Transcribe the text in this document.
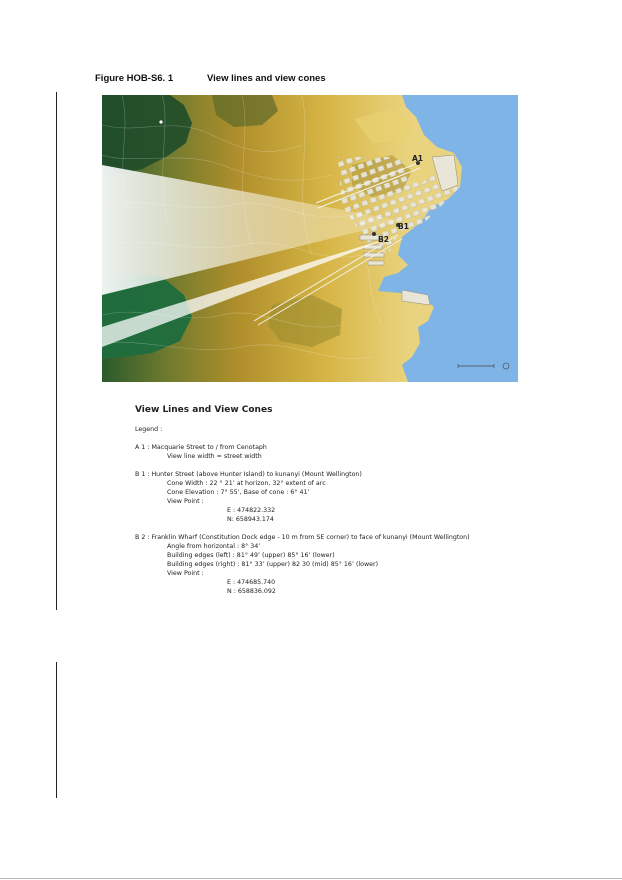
Figure HOB-S6. 1	View lines and view cones
A1
B1
B2
View Lines and View Cones
Legend :
A 1 : Macquarie Street to / from Cenotaph
View line width = street width
B 1 : Hunter Street (above Hunter Island) to kunanyi (Mount Wellington)
Cone Width : 22 ° 21’ at horizon, 32° extent of arc
Cone Elevation : 7° 55’, Base of cone : 6° 41’
View Point :
E : 474822.332
N: 658943.174
B 2 : Franklin Wharf (Constitution Dock edge - 10 m from SE corner) to face of kunanyi (Mount Wellington)
Angle from horizontal : 8° 34’
Building edges (left) : 81° 49’ (upper) 85° 16’ (lower)
Building edges (right) : 81° 33’ (upper) 82 30 (mid) 85° 16’ (lower)
View Point :
E : 474685.740
N : 658836.092
